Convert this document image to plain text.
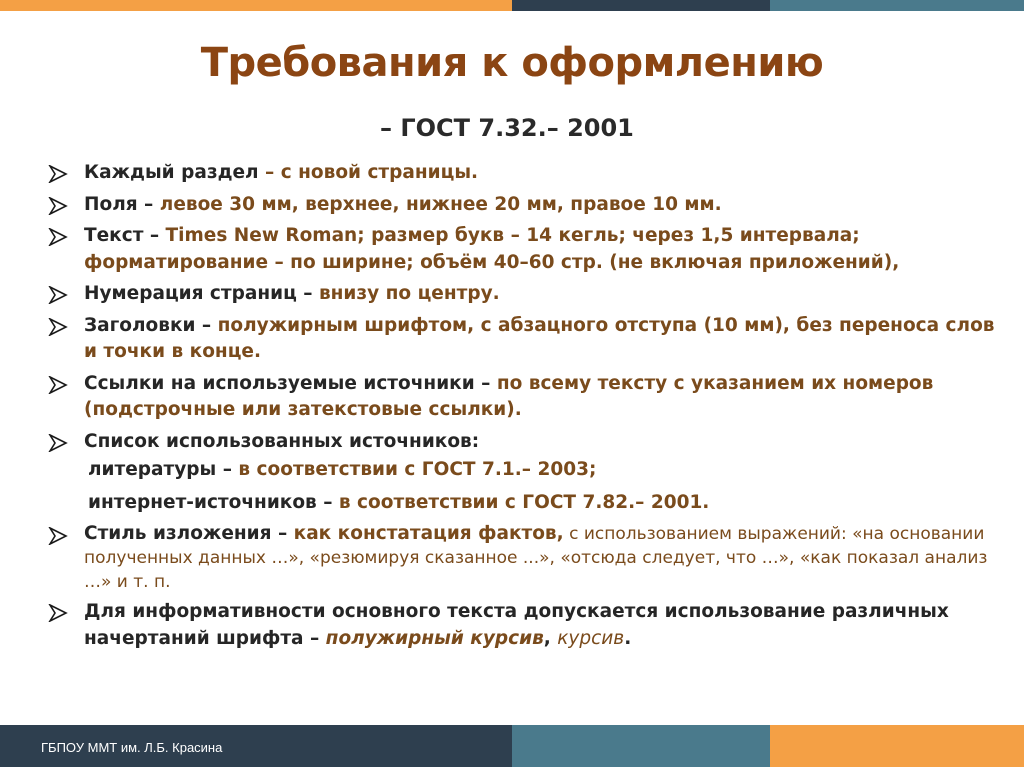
Требования к оформлению
– ГОСТ 7.32.– 2001
Каждый раздел – с новой страницы.
Поля – левое 30 мм, верхнее, нижнее 20 мм, правое 10 мм.
Текст – Times New Roman; размер букв – 14 кегль; через 1,5 интервала; форматирование – по ширине; объём 40–60 стр. (не включая приложений),
Нумерация страниц – внизу по центру.
Заголовки – полужирным шрифтом, с абзацного отступа (10 мм), без переноса слов и точки в конце.
Ссылки на используемые источники – по всему тексту с указанием их номеров (подстрочные или затекстовые ссылки).
Список использованных источников:
литературы – в соответствии с ГОСТ 7.1.– 2003;
интернет-источников – в соответствии с ГОСТ 7.82.– 2001.
Стиль изложения – как констатация фактов, с использованием выражений: «на основании полученных данных …», «резюмируя сказанное ...», «отсюда следует, что …», «как показал анализ …» и т. п.
Для информативности основного текста допускается использование различных начертаний шрифта – полужирный курсив, курсив.
ГБПОУ ММТ им. Л.Б. Красина
